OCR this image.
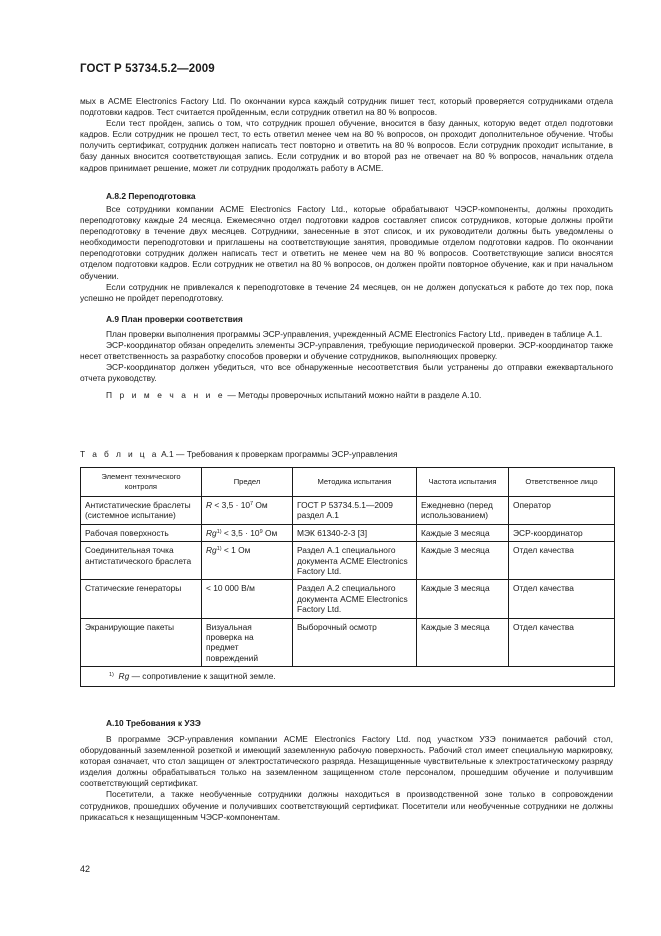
ГОСТ Р 53734.5.2—2009

мых в ACME Electronics Factory Ltd. По окончании курса каждый сотрудник пишет тест, который проверяется сотрудниками отдела подготовки кадров. Тест считается пройденным, если сотрудник ответил на 80 % вопросов.

Если тест пройден, запись о том, что сотрудник прошел обучение, вносится в базу данных, которую ведет отдел подготовки кадров. Если сотрудник не прошел тест, то есть ответил менее чем на 80 % вопросов, он проходит дополнительное обучение. Чтобы получить сертификат, сотрудник должен написать тест повторно и ответить на 80 % вопросов. Если сотрудник проходит испытание, в базу данных вносится соответствующая запись. Если сотрудник и во второй раз не отвечает на 80 % вопросов, начальник отдела кадров принимает решение, может ли сотрудник продолжать работу в ACME.

А.8.2 Переподготовка

Все сотрудники компании ACME Electronics Factory Ltd., которые обрабатывают ЧЭСР-компоненты, должны проходить переподготовку каждые 24 месяца. Ежемесячно отдел подготовки кадров составляет список сотрудников, которые должны пройти переподготовку в течение двух месяцев. Сотрудники, занесенные в этот список, и их руководители должны быть уведомлены о необходимости переподготовки и приглашены на соответствующие занятия, проводимые отделом подготовки кадров. По окончании переподготовки сотрудник должен написать тест и ответить не менее чем на 80 % вопросов. Соответствующие записи вносятся отделом подготовки кадров. Если сотрудник не ответил на 80 % вопросов, он должен пройти повторное обучение, как и при начальном обучении.

Если сотрудник не привлекался к переподготовке в течение 24 месяцев, он не должен допускаться к работе до тех пор, пока успешно не пройдет переподготовку.

А.9 План проверки соответствия

План проверки выполнения программы ЭСР-управления, учрежденный ACME Electronics Factory Ltd,. приведен в таблице А.1.

ЭСР-координатор обязан определить элементы ЭСР-управления, требующие периодической проверки. ЭСР-координатор также несет ответственность за разработку способов проверки и обучение сотрудников, выполняющих проверку.

ЭСР-координатор должен убедиться, что все обнаруженные несоответствия были устранены до отправки ежеквартального отчета руководству.

П р и м е ч а н и е — Методы проверочных испытаний можно найти в разделе А.10.

Т а б л и ц а А.1 — Требования к проверкам программы ЭСР-управления
Элемент технического контроля	Предел	Методика испытания	Частота испытания	Ответственное лицо
Антистатические браслеты (системное испытание)	$R < 3,5 \cdot 10^7$ Ом	ГОСТ Р 53734.5.1—2009 раздел А.1	Ежедневно (перед использованием)	Оператор
Рабочая поверхность	$Rg^{1)} < 3,5 \cdot 10^9$ Ом	МЭК 61340-2-3 [3]	Каждые 3 месяца	ЭСР-координатор
Соединительная точка антистатического браслета	$Rg^{1)} < 1$ Ом	Раздел А.1 специального документа ACME Electronics Factory Ltd.	Каждые 3 месяца	Отдел качества
Статические генераторы	< 10 000 В/м	Раздел А.2 специального документа ACME Electronics Factory Ltd.	Каждые 3 месяца	Отдел качества
Экранирующие пакеты	Визуальная проверка на предмет повреждений	Выборочный осмотр	Каждые 3 месяца	Отдел качества
$^{1)}$ Rg — сопротивление к защитной земле.				
А.10 Требования к УЗЭ

В программе ЭСР-управления компании ACME Electronics Factory Ltd. под участком УЗЭ понимается рабочий стол, оборудованный заземленной розеткой и имеющий заземленную рабочую поверхность. Рабочий стол имеет специальную маркировку, которая означает, что стол защищен от электростатического разряда. Незащищенные чувствительные к электростатическому разряду изделия должны обрабатываться только на заземленном защищенном столе персоналом, прошедшим обучение и получившим соответствующий сертификат.

Посетители, а также необученные сотрудники должны находиться в производственной зоне только в сопровождении сотрудников, прошедших обучение и получивших соответствующий сертификат. Посетители или необученные сотрудники не должны прикасаться к незащищенным ЧЭСР-компонентам.

42
